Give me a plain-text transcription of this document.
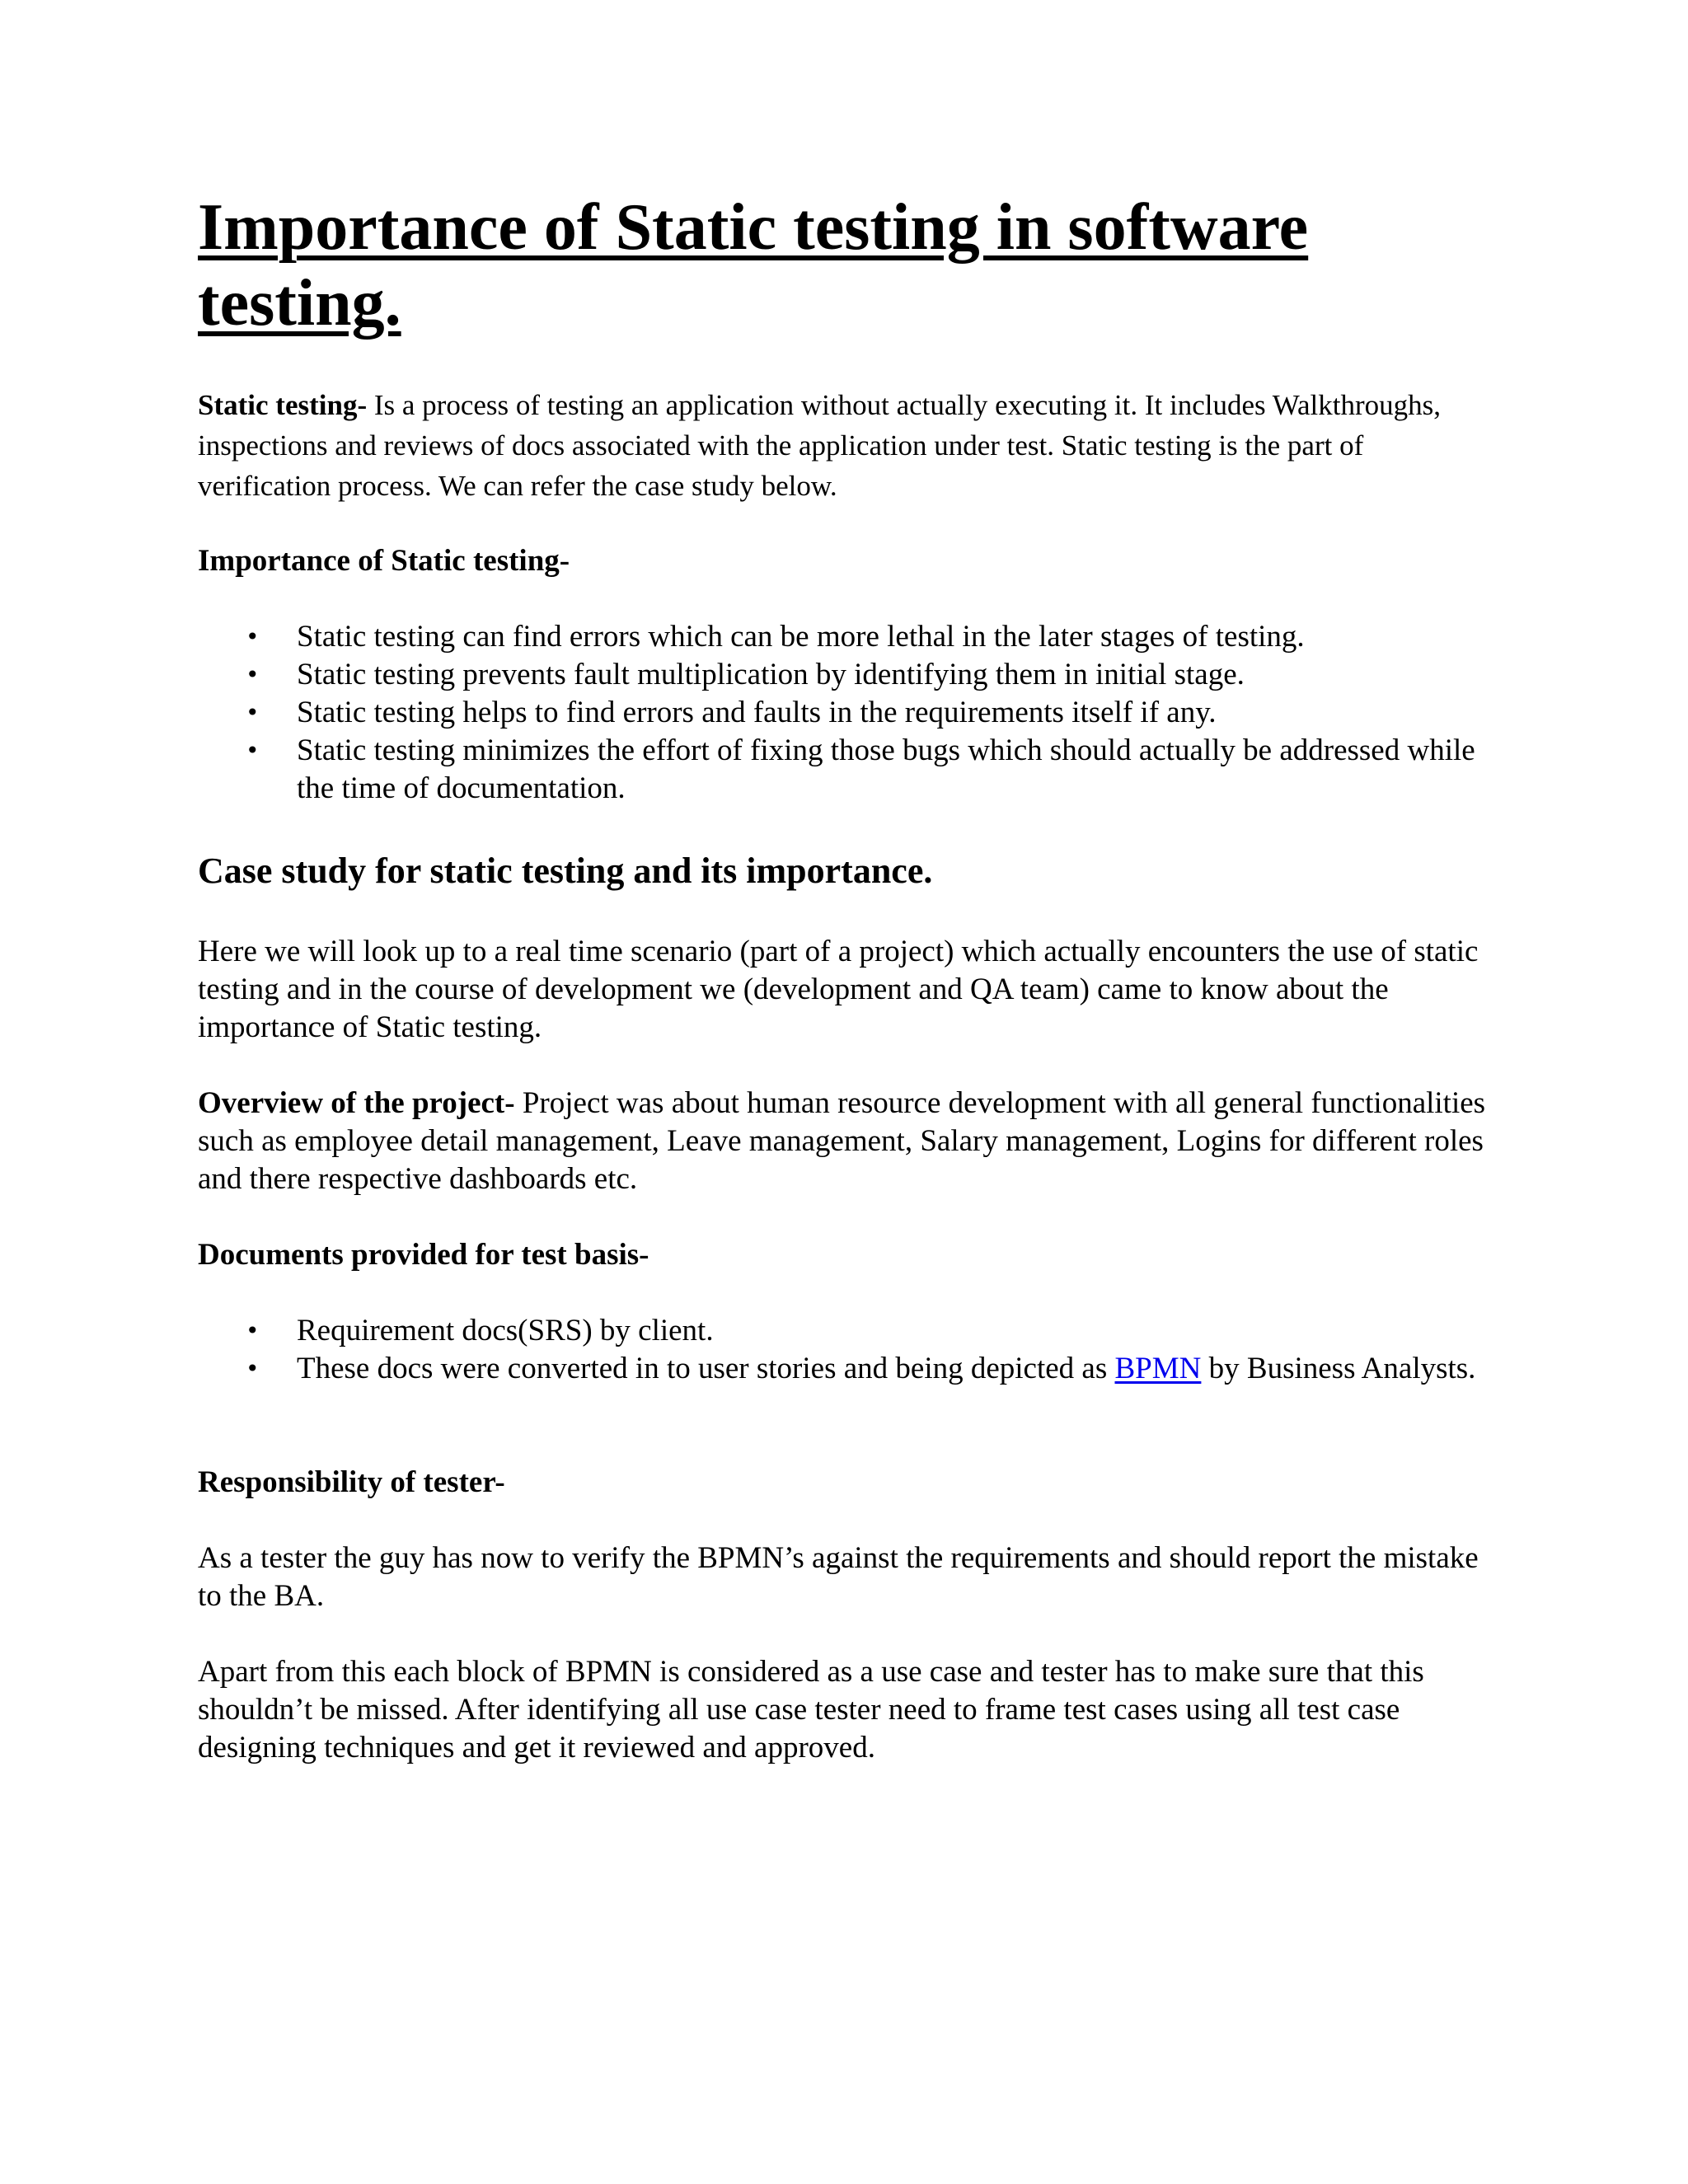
Importance of Static testing in software testing.

Static testing- Is a process of testing an application without actually executing it. It includes Walkthroughs, inspections and reviews of docs associated with the application under test. Static testing is the part of verification process. We can refer the case study below.

Importance of Static testing-
• Static testing can find errors which can be more lethal in the later stages of testing.
• Static testing prevents fault multiplication by identifying them in initial stage.
• Static testing helps to find errors and faults in the requirements itself if any.
• Static testing minimizes the effort of fixing those bugs which should actually be addressed while the time of documentation.
Case study for static testing and its importance.

Here we will look up to a real time scenario (part of a project) which actually encounters the use of static testing and in the course of development we (development and QA team) came to know about the importance of Static testing.

Overview of the project- Project was about human resource development with all general functionalities such as employee detail management, Leave management, Salary management, Logins for different roles and there respective dashboards etc.

Documents provided for test basis-
• Requirement docs(SRS) by client.
• These docs were converted in to user stories and being depicted as BPMN by Business Analysts.
Responsibility of tester-

As a tester the guy has now to verify the BPMN’s against the requirements and should report the mistake to the BA.

Apart from this each block of BPMN is considered as a use case and tester has to make sure that this shouldn’t be missed. After identifying all use case tester need to frame test cases using all test case designing techniques and get it reviewed and approved.
